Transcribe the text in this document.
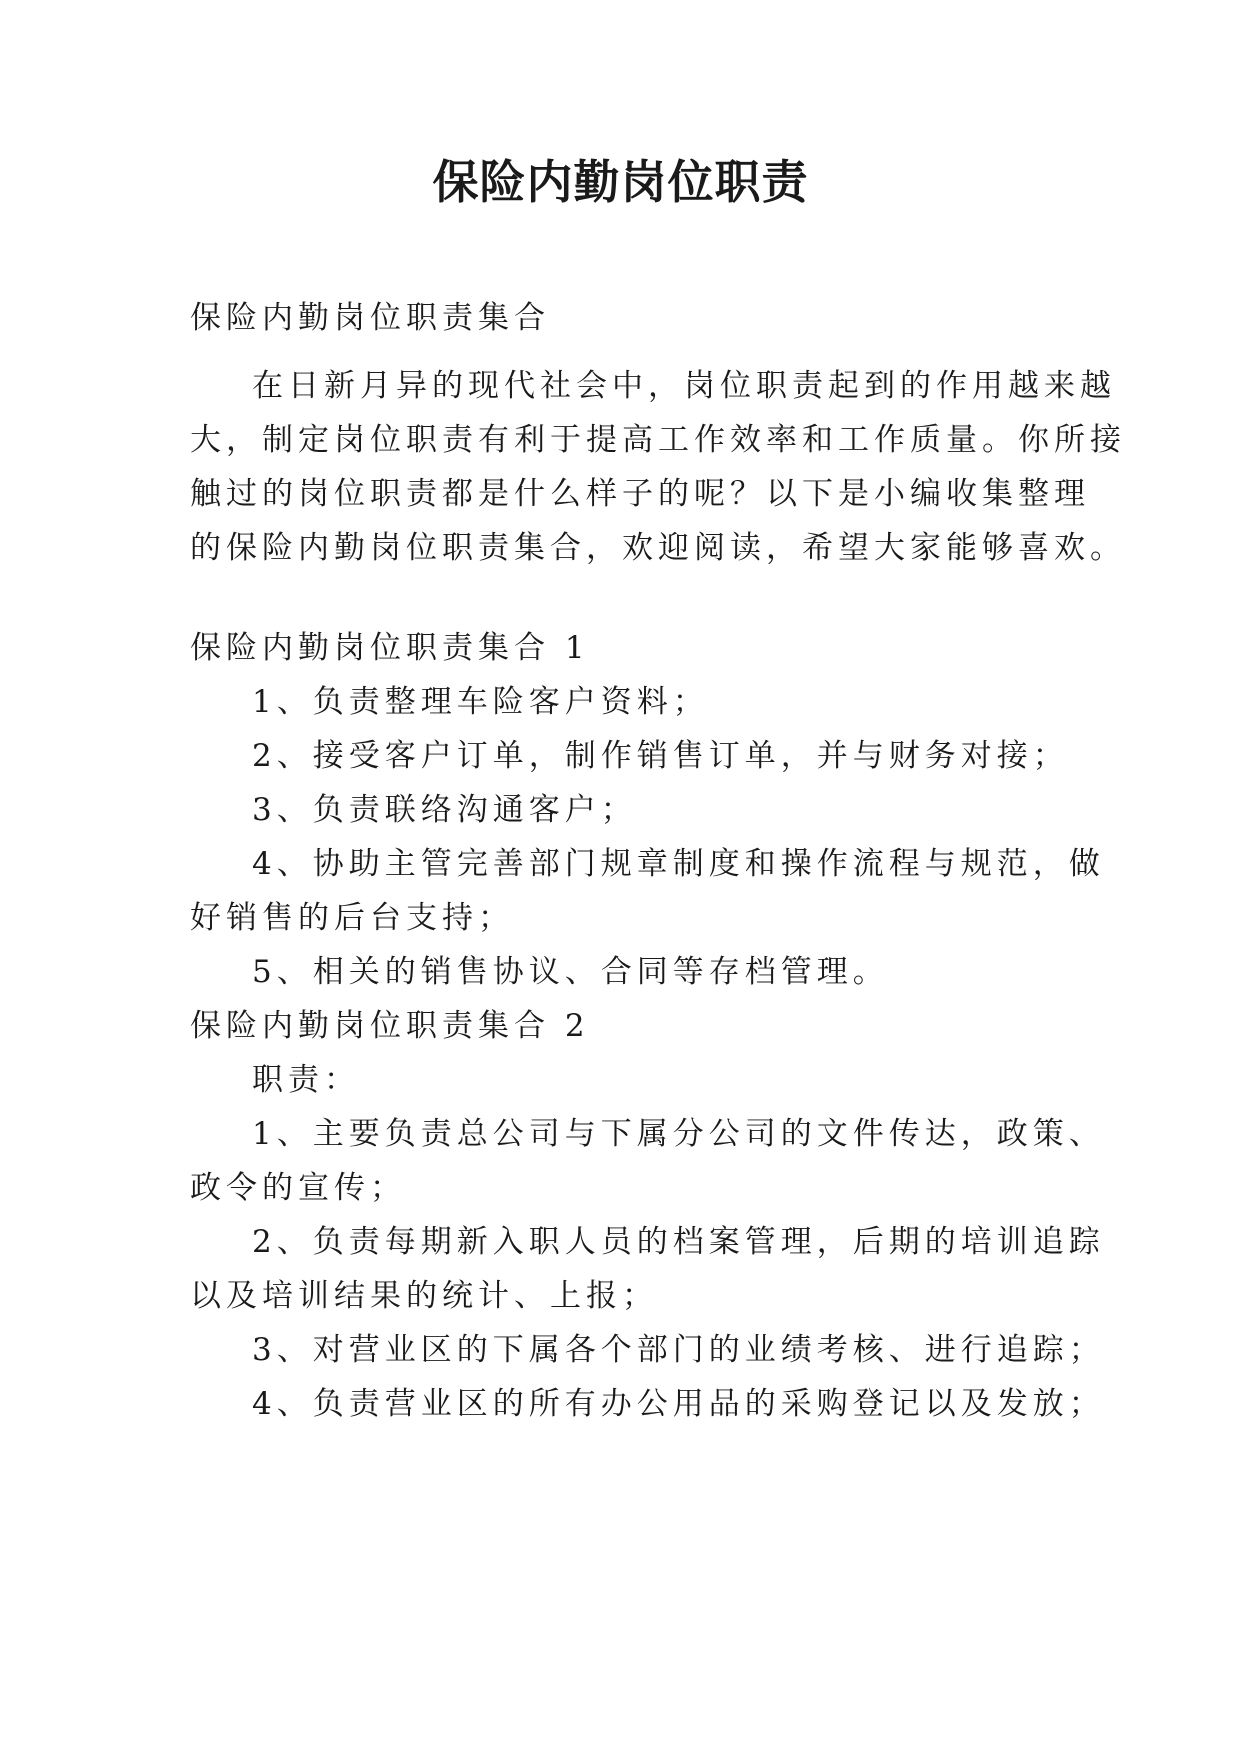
保险内勤岗位职责
保险内勤岗位职责集合
在日新月异的现代社会中，岗位职责起到的作用越来越
大，制定岗位职责有利于提高工作效率和工作质量。你所接
触过的岗位职责都是什么样子的呢？以下是小编收集整理
的保险内勤岗位职责集合，欢迎阅读，希望大家能够喜欢。
保险内勤岗位职责集合 1
1、负责整理车险客户资料；
2、接受客户订单，制作销售订单，并与财务对接；
3、负责联络沟通客户；
4、协助主管完善部门规章制度和操作流程与规范，做
好销售的后台支持；
5、相关的销售协议、合同等存档管理。
保险内勤岗位职责集合 2
职责：
1、主要负责总公司与下属分公司的文件传达，政策、
政令的宣传；
2、负责每期新入职人员的档案管理，后期的培训追踪
以及培训结果的统计、上报；
3、对营业区的下属各个部门的业绩考核、进行追踪；
4、负责营业区的所有办公用品的采购登记以及发放；
